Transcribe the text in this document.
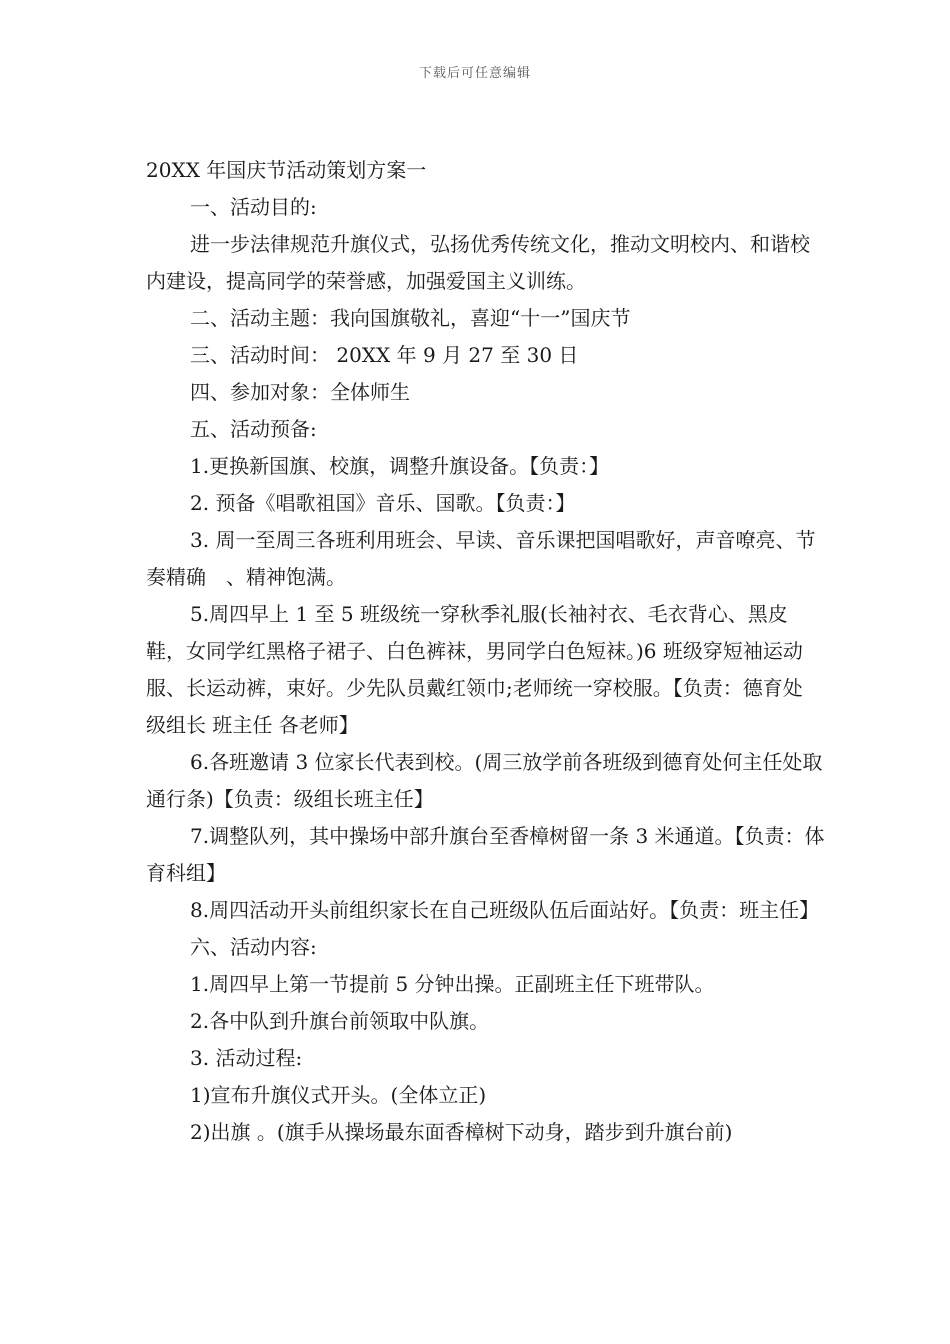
下载后可任意编辑

20XX 年国庆节活动策划方案一

一、活动目的:

进一步法律规范升旗仪式，弘扬优秀传统文化，推动文明校内、和谐校内建设，提高同学的荣誉感，加强爱国主义训练。

二、活动主题：我向国旗敬礼，喜迎“十一”国庆节

三、活动时间： 20XX 年 9 月 27 至 30 日

四、参加对象：全体师生

五、活动预备:

1.更换新国旗、校旗，调整升旗设备。【负责：】

2. 预备《唱歌祖国》音乐、国歌。【负责：】

3. 周一至周三各班利用班会、早读、音乐课把国唱歌好，声音嘹亮、节奏精确　、精神饱满。

5.周四早上 1 至 5 班级统一穿秋季礼服(长袖衬衣、毛衣背心、黑皮鞋，女同学红黑格子裙子、白色裤袜，男同学白色短袜。)6 班级穿短袖运动服、长运动裤，束好。少先队员戴红领巾;老师统一穿校服。【负责：德育处 级组长 班主任 各老师】

6.各班邀请 3 位家长代表到校。(周三放学前各班级到德育处何主任处取通行条)【负责：级组长班主任】

7.调整队列，其中操场中部升旗台至香樟树留一条 3 米通道。【负责：体育科组】

8.周四活动开头前组织家长在自己班级队伍后面站好。【负责：班主任】

六、活动内容:

1.周四早上第一节提前 5 分钟出操。正副班主任下班带队。

2.各中队到升旗台前领取中队旗。

3. 活动过程:

1)宣布升旗仪式开头。(全体立正)

2)出旗 。(旗手从操场最东面香樟树下动身，踏步到升旗台前)
